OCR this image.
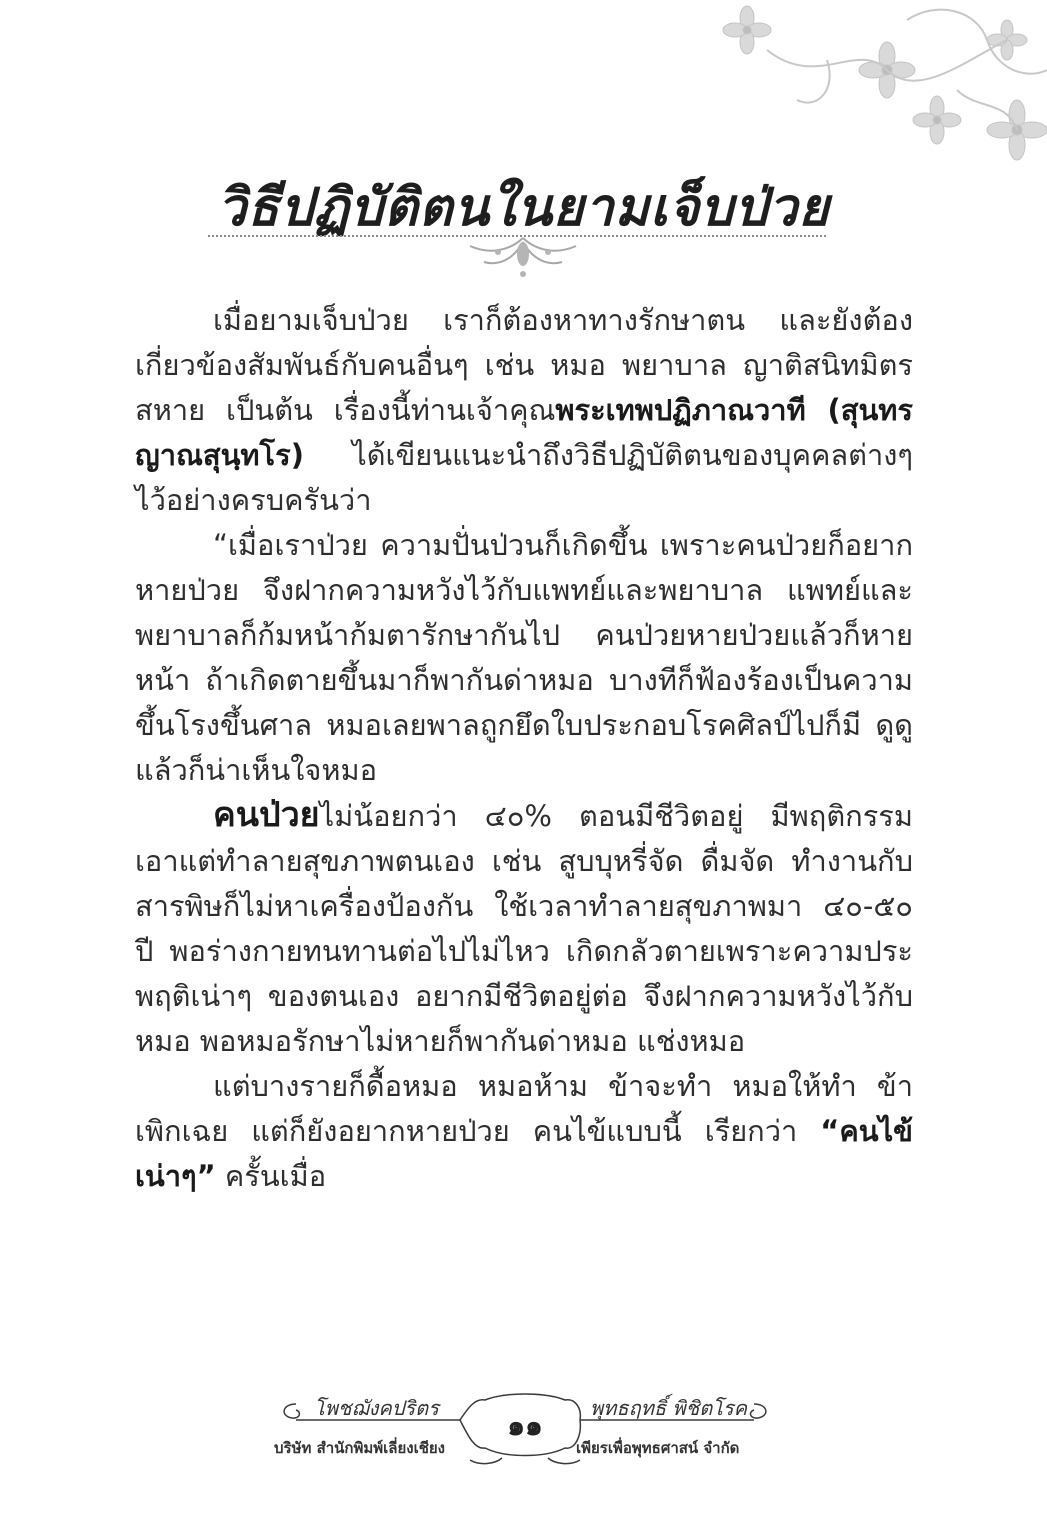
วิธีปฏิบัติตนในยามเจ็บป่วย

เมื่อยามเจ็บป่วย เราก็ต้องหาทางรักษาตน และยังต้องเกี่ยวข้องสัมพันธ์กับคนอื่นๆ เช่น หมอ พยาบาล ญาติสนิทมิตรสหาย เป็นต้น เรื่องนี้ท่านเจ้าคุณพระเทพปฏิภาณวาที (สุนทร ญาณสุนฺทโร) ได้เขียนแนะนำถึงวิธีปฏิบัติตนของบุคคลต่างๆ ไว้อย่างครบครันว่า

“เมื่อเราป่วย ความปั่นป่วนก็เกิดขึ้น เพราะคนป่วยก็อยากหายป่วย จึงฝากความหวังไว้กับแพทย์และพยาบาล แพทย์และพยาบาลก็ก้มหน้าก้มตารักษากันไป คนป่วยหายป่วยแล้วก็หายหน้า ถ้าเกิดตายขึ้นมาก็พากันด่าหมอ บางทีก็ฟ้องร้องเป็นความขึ้นโรงขึ้นศาล หมอเลยพาลถูกยึดใบประกอบโรคศิลป์ไปก็มี ดูดูแล้วก็น่าเห็นใจหมอ

คนป่วยไม่น้อยกว่า ๔๐% ตอนมีชีวิตอยู่ มีพฤติกรรมเอาแต่ทำลายสุขภาพตนเอง เช่น สูบบุหรี่จัด ดื่มจัด ทำงานกับสารพิษก็ไม่หาเครื่องป้องกัน ใช้เวลาทำลายสุขภาพมา ๔๐-๕๐ ปี พอร่างกายทนทานต่อไปไม่ไหว เกิดกลัวตายเพราะความประพฤติเน่าๆ ของตนเอง อยากมีชีวิตอยู่ต่อ จึงฝากความหวังไว้กับหมอ พอหมอรักษาไม่หายก็พากันด่าหมอ แช่งหมอ

แต่บางรายก็ดื้อหมอ หมอห้าม ข้าจะทำ หมอให้ทำ ข้าเพิกเฉย แต่ก็ยังอยากหายป่วย คนไข้แบบนี้ เรียกว่า “คนไข้เน่าๆ” ครั้นเมื่อ

โพชฌังคปริตร
บริษัท สำนักพิมพ์เลี่ยงเชียง
๑๑
พุทธฤทธิ์ พิชิตโรค
เพียรเพื่อพุทธศาสน์ จำกัด
